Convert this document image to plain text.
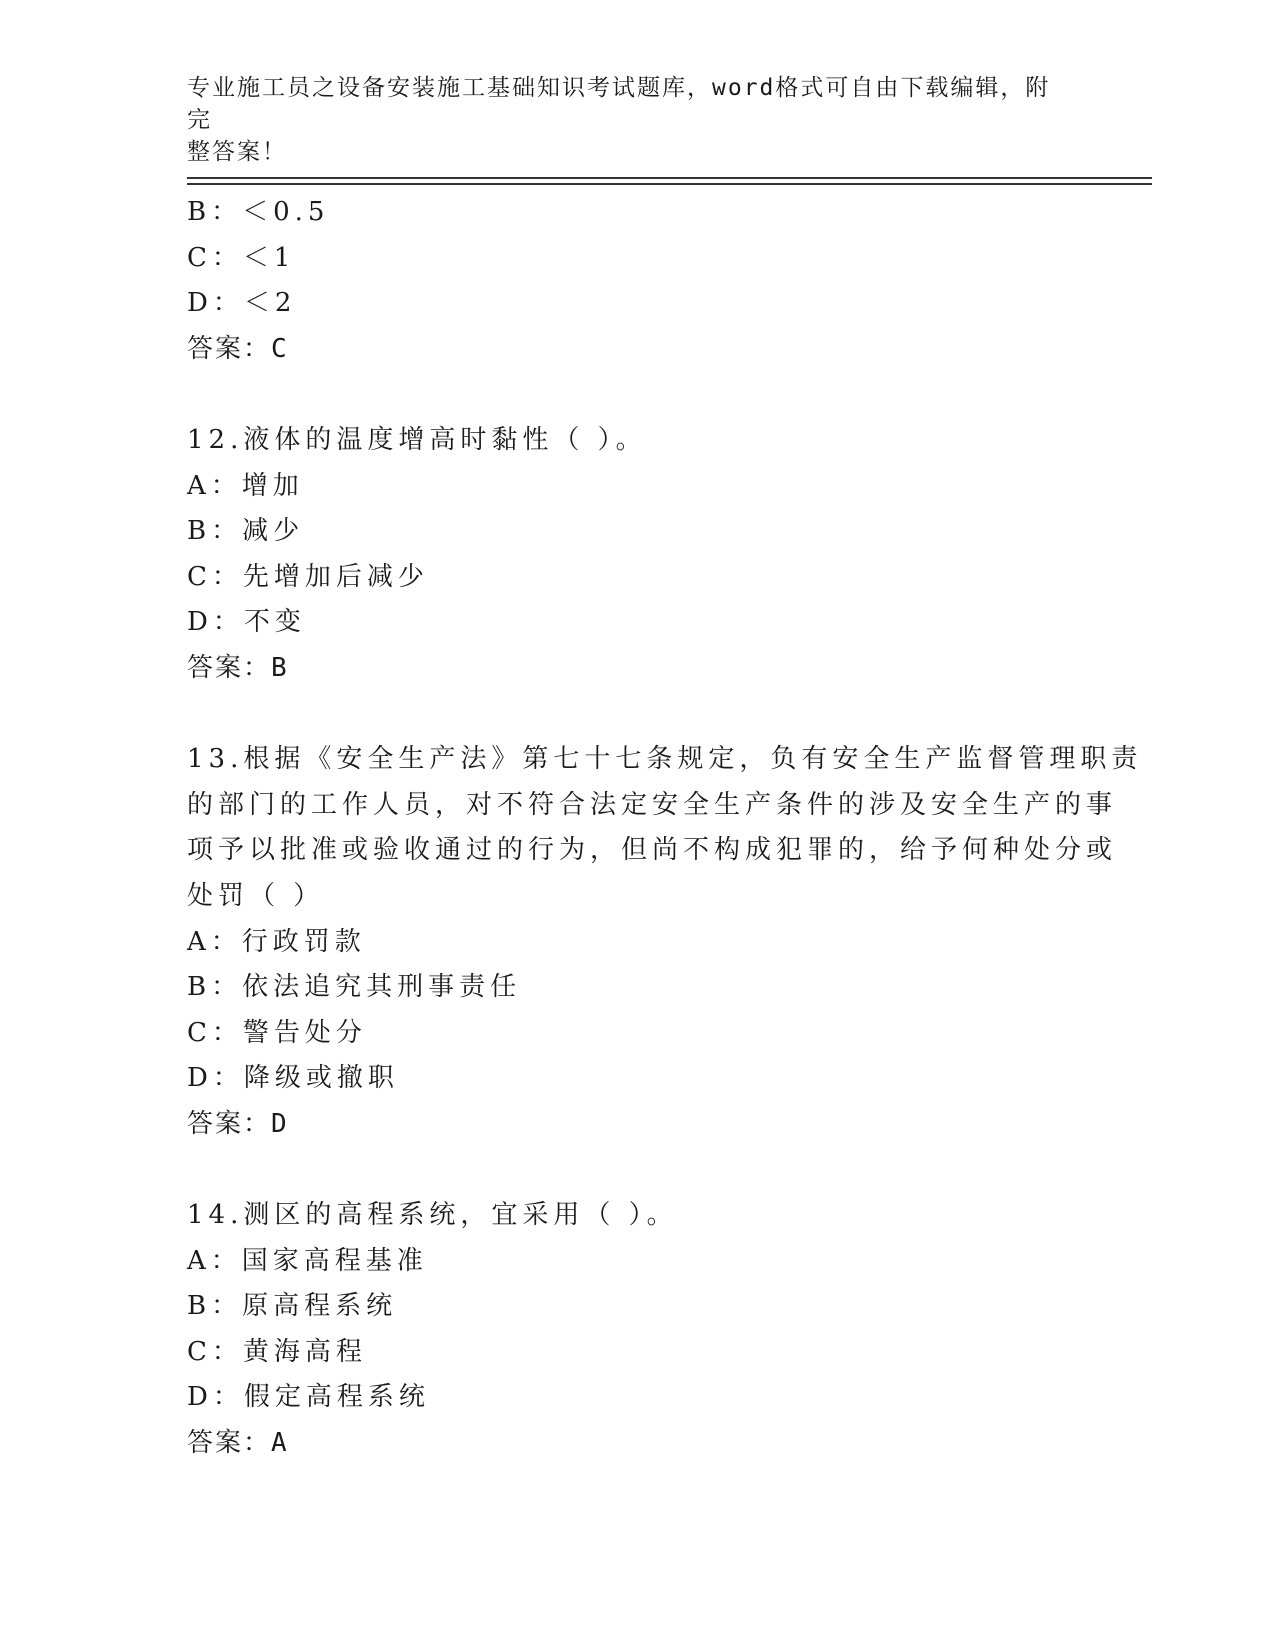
专业施工员之设备安装施工基础知识考试题库，word格式可自由下载编辑，附完
整答案！
B：＜0.5
C：＜1
D：＜2
答案：C
12.液体的温度增高时黏性（ ）。
A：增加
B：减少
C：先增加后减少
D：不变
答案：B
13.根据《安全生产法》第七十七条规定，负有安全生产监督管理职责
的部门的工作人员，对不符合法定安全生产条件的涉及安全生产的事
项予以批准或验收通过的行为，但尚不构成犯罪的，给予何种处分或
处罚（ ）
A：行政罚款
B：依法追究其刑事责任
C：警告处分
D：降级或撤职
答案：D
14.测区的高程系统，宜采用（ ）。
A：国家高程基准
B：原高程系统
C：黄海高程
D：假定高程系统
答案：A
